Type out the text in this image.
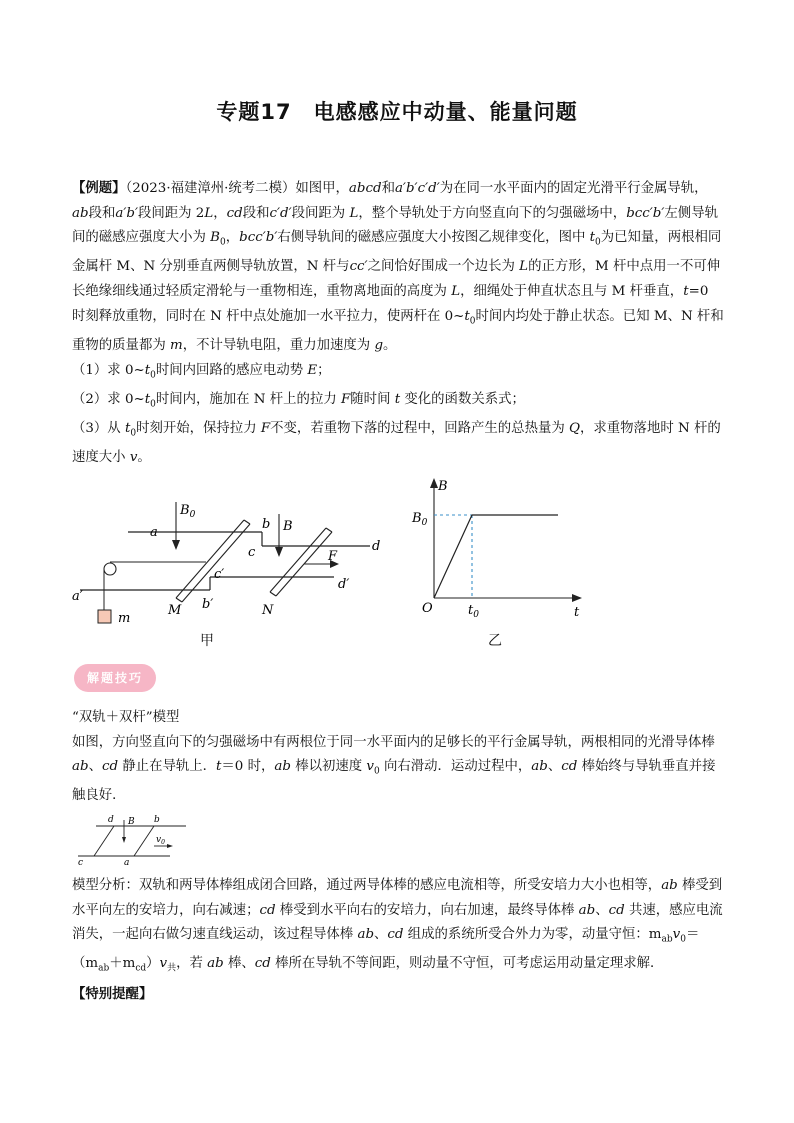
专题17　电感感应中动量、能量问题

【例题】（2023·福建漳州·统考二模）如图甲，abcd和a′b′c′d′为在同一水平面内的固定光滑平行金属导轨，ab段和a′b′段间距为 2L，cd段和c′d′段间距为 L，整个导轨处于方向竖直向下的匀强磁场中，bcc′b′左侧导轨间的磁感应强度大小为 $B_0$，bcc′b′右侧导轨间的磁感应强度大小按图乙规律变化，图中 $t_0$为已知量，两根相同金属杆 M、N 分别垂直两侧导轨放置，N 杆与cc′之间恰好围成一个边长为 L的正方形，M 杆中点用一不可伸长绝缘细线通过轻质定滑轮与一重物相连，重物离地面的高度为 L，细绳处于伸直状态且与 M 杆垂直，t=0 时刻释放重物，同时在 N 杆中点处施加一水平拉力，使两杆在 $0\sim t_0$时间内均处于静止状态。已知 M、N 杆和重物的质量都为 m，不计导轨电阻，重力加速度为 g。

（1）求 $0\sim t_0$时间内回路的感应电动势 E；

（2）求 $0\sim t_0$时间内，施加在 N 杆上的拉力 F随时间 t 变化的函数关系式；

（3）从 $t_0$时刻开始，保持拉力 F不变，若重物下落的过程中，回路产生的总热量为 Q，求重物落地时 N 杆的速度大小 v。

$B_0$
B
F
a
b
c	d
a′
b′
c′
d′
M	N
m
甲
B
t
O
$B_0$
$t_0$
乙
解题技巧

“双轨＋双杆”模型

如图，方向竖直向下的匀强磁场中有两根位于同一水平面内的足够长的平行金属导轨，两根相同的光滑导体棒 ab、cd 静止在导轨上．t＝0 时，ab 棒以初速度 $v_0$ 向右滑动．运动过程中，ab、cd 棒始终与导轨垂直并接触良好．

d B b
$v_0$
c	a

模型分析：双轨和两导体棒组成闭合回路，通过两导体棒的感应电流相等，所受安培力大小也相等，ab 棒受到水平向左的安培力，向右减速；cd 棒受到水平向右的安培力，向右加速，最终导体棒 ab、cd 共速，感应电流消失，一起向右做匀速直线运动，该过程导体棒 ab、cd 组成的系统所受合外力为零，动量守恒：$m_{ab}v_0=(m_{ab}+m_{cd})v_共$，若 ab 棒、cd 棒所在导轨不等间距，则动量不守恒，可考虑运用动量定理求解．

【特别提醒】
